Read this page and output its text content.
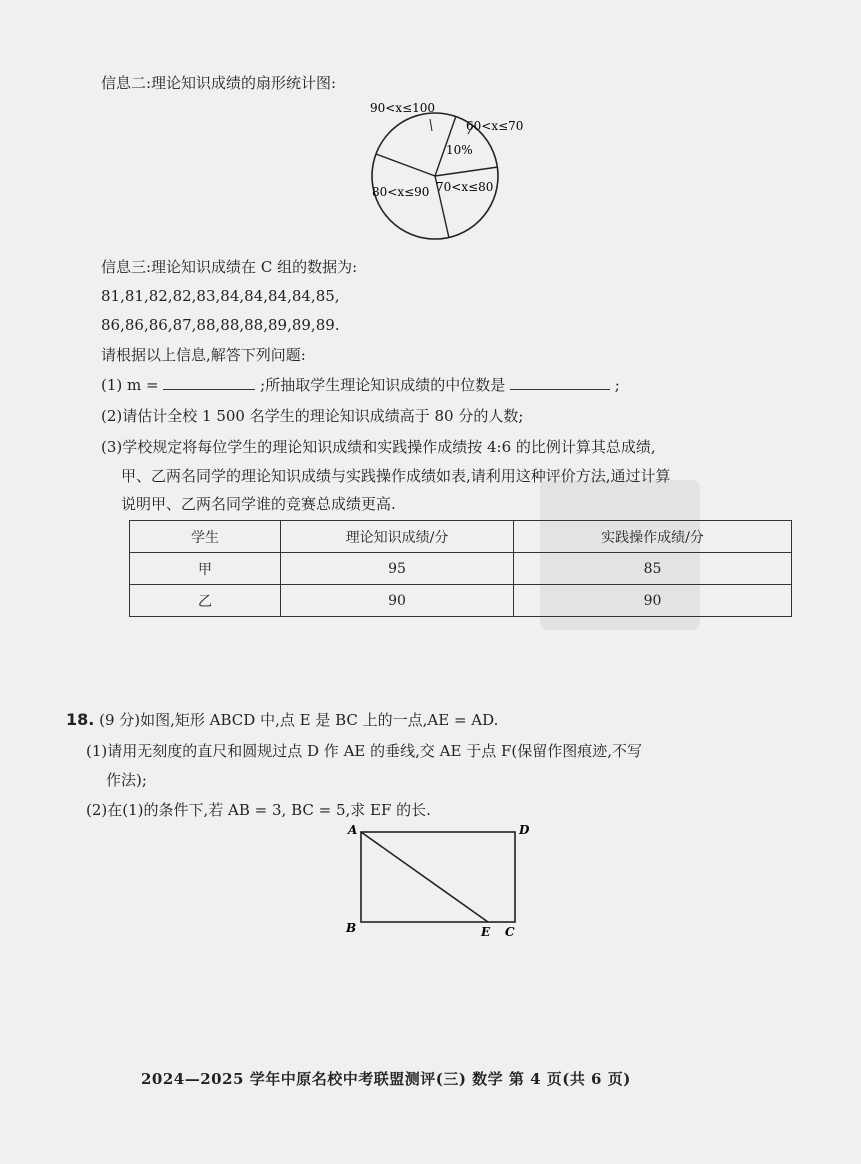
信息二:理论知识成绩的扇形统计图:
90<x≤100
60<x≤70
10%
80<x≤90 70<x≤80
信息三:理论知识成绩在 C 组的数据为:
81,81,82,82,83,84,84,84,84,85,
86,86,86,87,88,88,88,89,89,89.
请根据以上信息,解答下列问题:
(1) m =	;所抽取学生理论知识成绩的中位数是	;
(2)请估计全校 1 500 名学生的理论知识成绩高于 80 分的人数;
(3)学校规定将每位学生的理论知识成绩和实践操作成绩按 4:6 的比例计算其总成绩,
甲、乙两名同学的理论知识成绩与实践操作成绩如表,请利用这种评价方法,通过计算
说明甲、乙两名同学谁的竞赛总成绩更高.
学生	理论知识成绩/分	实践操作成绩/分
甲	95	85
乙	90	90
18. (9 分)如图,矩形 ABCD 中,点 E 是 BC 上的一点,AE = AD.
(1)请用无刻度的直尺和圆规过点 D 作 AE 的垂线,交 AE 于点 F(保留作图痕迹,不写
作法);
(2)在(1)的条件下,若 AB = 3, BC = 5,求 EF 的长.
A	D
B	E C
2024—2025 学年中原名校中考联盟测评(三) 数学 第 4 页(共 6 页)
